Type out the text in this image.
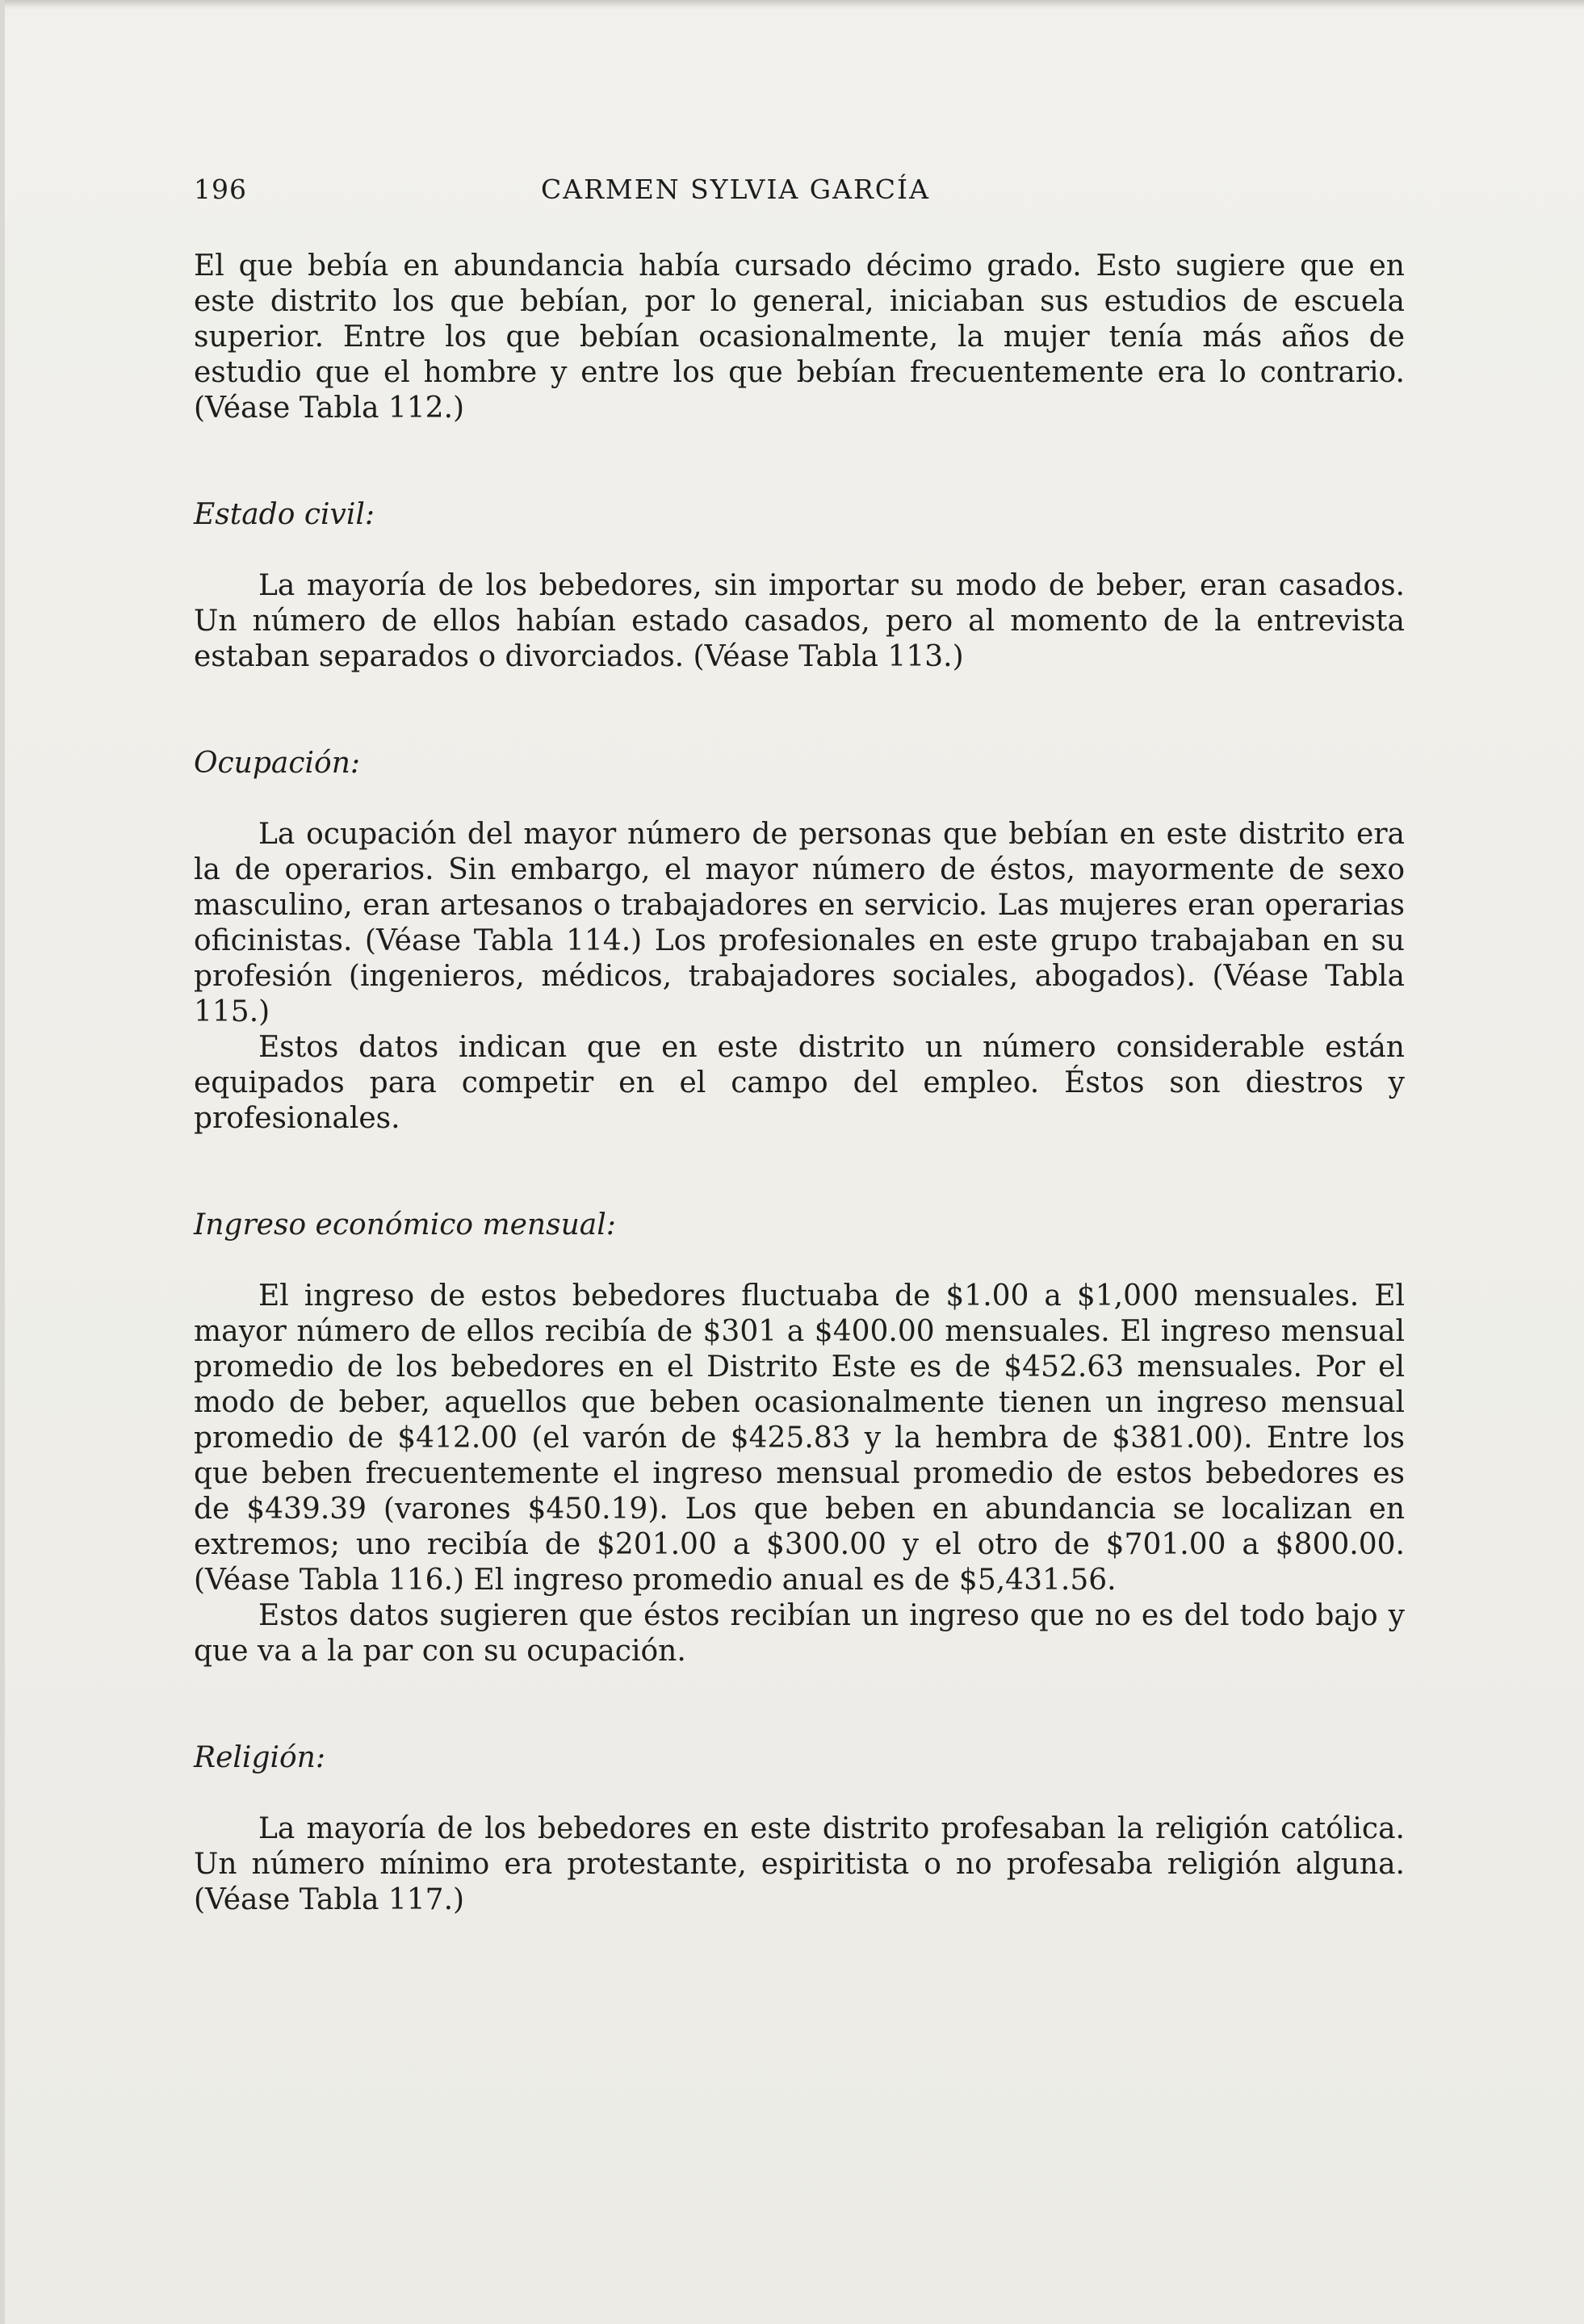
196	CARMEN SYLVIA GARCÍA

El que bebía en abundancia había cursado décimo grado. Esto sugiere que en este distrito los que bebían, por lo general, iniciaban sus estudios de escuela superior. Entre los que bebían ocasionalmente, la mujer tenía más años de estudio que el hombre y entre los que bebían frecuentemente era lo contrario. (Véase Tabla 112.)

Estado civil:

La mayoría de los bebedores, sin importar su modo de beber, eran casados. Un número de ellos habían estado casados, pero al momento de la entrevista estaban separados o divorciados. (Véase Tabla 113.)

Ocupación:

La ocupación del mayor número de personas que bebían en este distrito era la de operarios. Sin embargo, el mayor número de éstos, mayormente de sexo masculino, eran artesanos o trabajadores en servicio. Las mujeres eran operarias oficinistas. (Véase Tabla 114.) Los profesionales en este grupo trabajaban en su profesión (ingenieros, médicos, trabajadores sociales, abogados). (Véase Tabla 115.)

Estos datos indican que en este distrito un número considerable están equipados para competir en el campo del empleo. Éstos son diestros y profesionales.

Ingreso económico mensual:

El ingreso de estos bebedores fluctuaba de $1.00 a $1,000 mensuales. El mayor número de ellos recibía de $301 a $400.00 mensuales. El ingreso mensual promedio de los bebedores en el Distrito Este es de $452.63 mensuales. Por el modo de beber, aquellos que beben ocasionalmente tienen un ingreso mensual promedio de $412.00 (el varón de $425.83 y la hembra de $381.00). Entre los que beben frecuentemente el ingreso mensual promedio de estos bebedores es de $439.39 (varones $450.19). Los que beben en abundancia se localizan en extremos; uno recibía de $201.00 a $300.00 y el otro de $701.00 a $800.00. (Véase Tabla 116.) El ingreso promedio anual es de $5,431.56.

Estos datos sugieren que éstos recibían un ingreso que no es del todo bajo y que va a la par con su ocupación.

Religión:

La mayoría de los bebedores en este distrito profesaban la religión católica. Un número mínimo era protestante, espiritista o no profesaba religión alguna. (Véase Tabla 117.)
